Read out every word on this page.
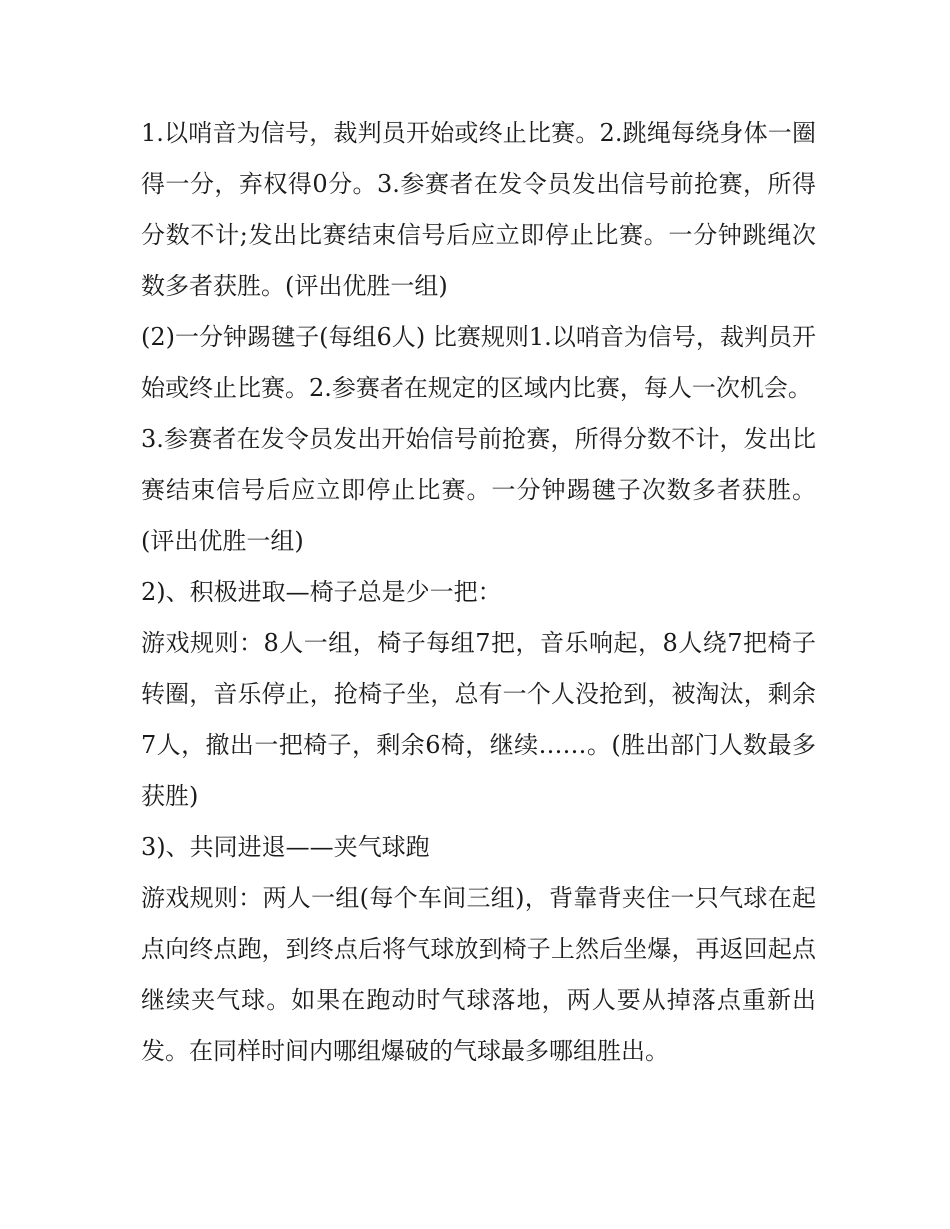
1.以哨音为信号，裁判员开始或终止比赛。2.跳绳每绕身体一圈得一分，弃权得0分。3.参赛者在发令员发出信号前抢赛，所得分数不计;发出比赛结束信号后应立即停止比赛。一分钟跳绳次数多者获胜。(评出优胜一组)

(2)一分钟踢毽子(每组6人) 比赛规则1.以哨音为信号，裁判员开始或终止比赛。2.参赛者在规定的区域内比赛，每人一次机会。

3.参赛者在发令员发出开始信号前抢赛，所得分数不计，发出比赛结束信号后应立即停止比赛。一分钟踢毽子次数多者获胜。(评出优胜一组)

2)、积极进取—椅子总是少一把：

游戏规则：8人一组，椅子每组7把，音乐响起，8人绕7把椅子转圈，音乐停止，抢椅子坐，总有一个人没抢到，被淘汰，剩余7人，撤出一把椅子，剩余6椅，继续……。(胜出部门人数最多获胜)

3)、共同进退——夹气球跑

游戏规则：两人一组(每个车间三组)，背靠背夹住一只气球在起点向终点跑，到终点后将气球放到椅子上然后坐爆，再返回起点继续夹气球。如果在跑动时气球落地，两人要从掉落点重新出发。在同样时间内哪组爆破的气球最多哪组胜出。
